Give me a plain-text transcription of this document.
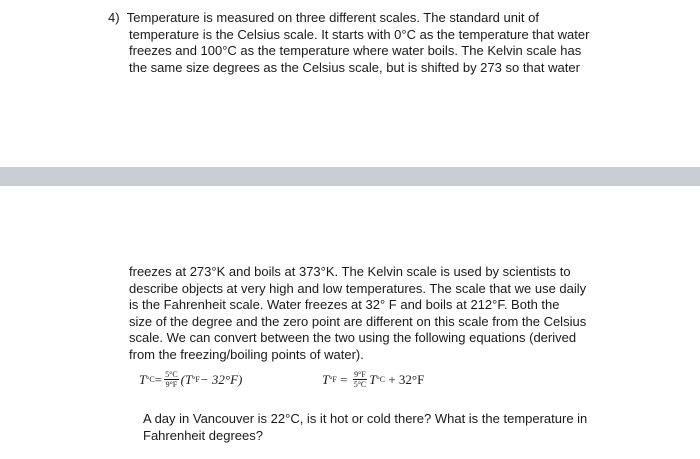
4) Temperature is measured on three different scales. The standard unit of
temperature is the Celsius scale. It starts with 0°C as the temperature that water
freezes and 100°C as the temperature where water boils. The Kelvin scale has
the same size degrees as the Celsius scale, but is shifted by 273 so that water
freezes at 273°K and boils at 373°K. The Kelvin scale is used by scientists to
describe objects at very high and low temperatures. The scale that we use daily
is the Fahrenheit scale. Water freezes at 32° F and boils at 212°F. Both the
size of the degree and the zero point are different on this scale from the Celsius
scale. We can convert between the two using the following equations (derived
from the freezing/boiling points of water).
T $^\circ C = \frac{5^\circ C}{9^\circ F} (T$ °F − 32°F)	T $^\circ F = \frac{9^\circ F}{5^\circ C}$ T °C + 32°F
A day in Vancouver is 22°C, is it hot or cold there? What is the temperature in
Fahrenheit degrees?
